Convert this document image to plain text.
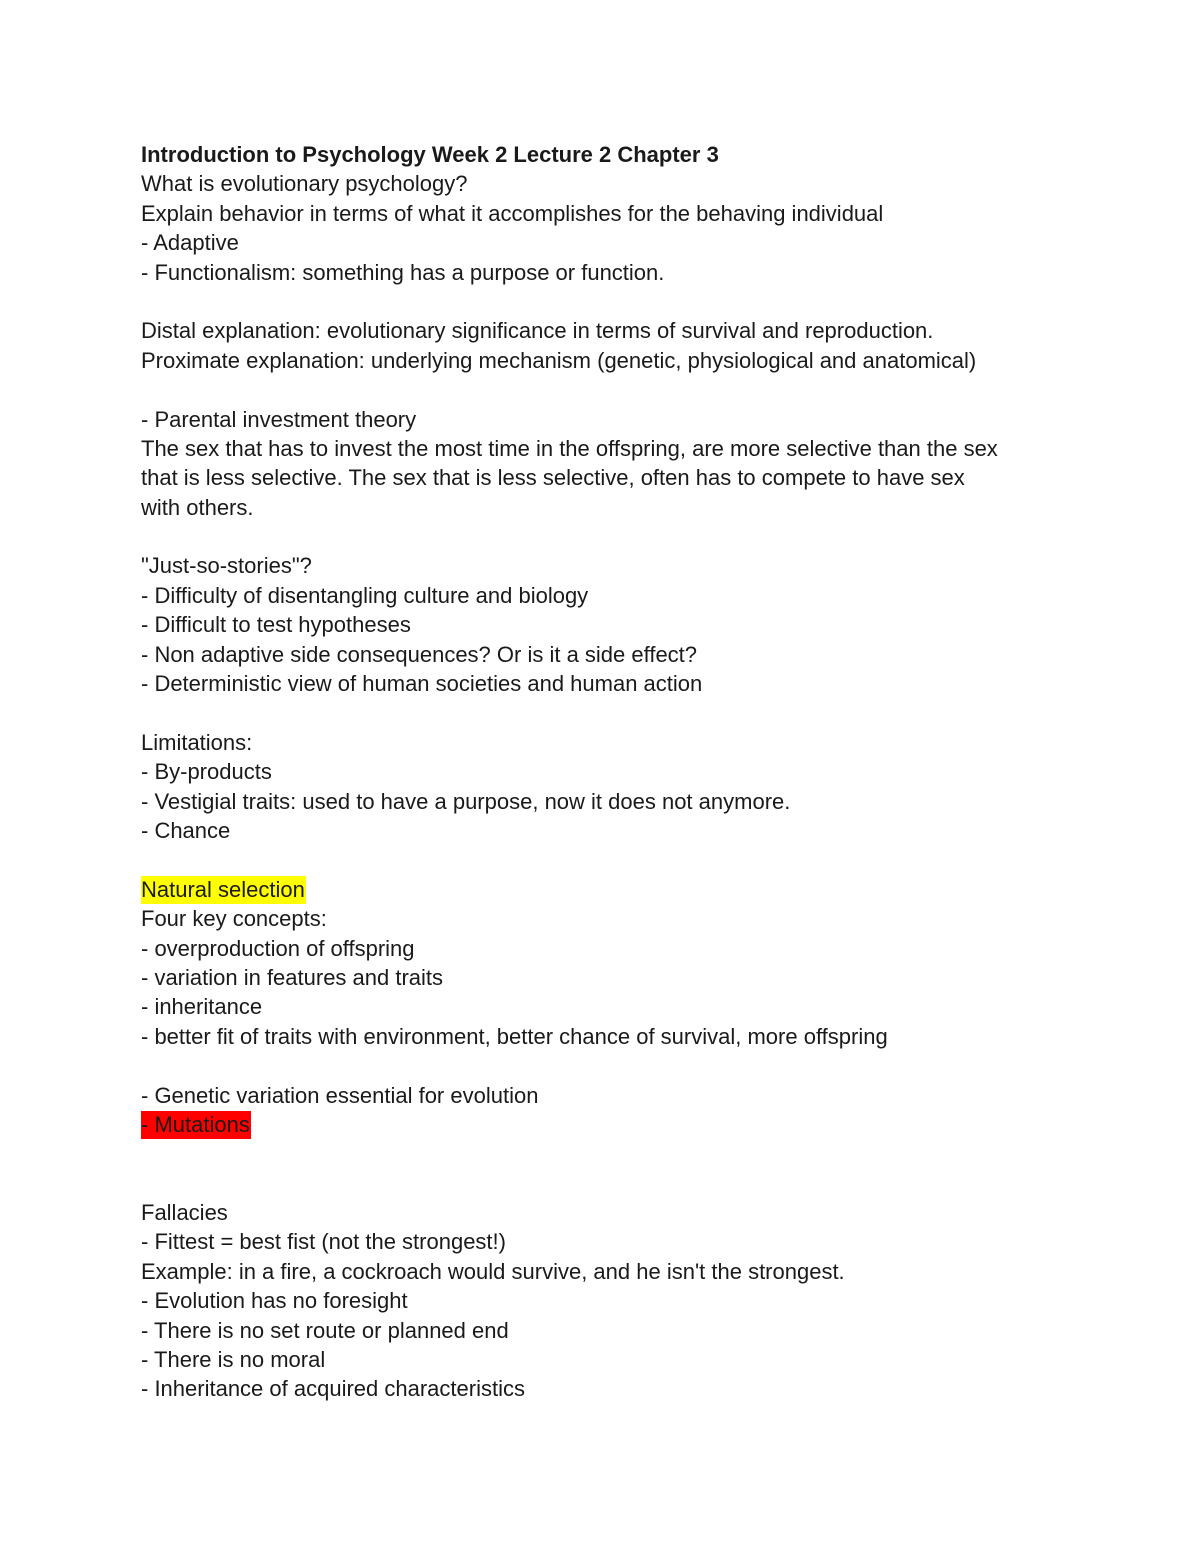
Introduction to Psychology Week 2 Lecture 2 Chapter 3
What is evolutionary psychology?
Explain behavior in terms of what it accomplishes for the behaving individual
- Adaptive
- Functionalism: something has a purpose or function.
Distal explanation: evolutionary significance in terms of survival and reproduction.
Proximate explanation: underlying mechanism (genetic, physiological and anatomical)
- Parental investment theory
The sex that has to invest the most time in the offspring, are more selective than the sex
that is less selective. The sex that is less selective, often has to compete to have sex
with others.
"Just-so-stories"?
- Difficulty of disentangling culture and biology
- Difficult to test hypotheses
- Non adaptive side consequences? Or is it a side effect?
- Deterministic view of human societies and human action
Limitations:
- By-products
- Vestigial traits: used to have a purpose, now it does not anymore.
- Chance
Natural selection
Four key concepts:
- overproduction of offspring
- variation in features and traits
- inheritance
- better fit of traits with environment, better chance of survival, more offspring
- Genetic variation essential for evolution
- Mutations
Fallacies
- Fittest = best fist (not the strongest!)
Example: in a fire, a cockroach would survive, and he isn't the strongest.
- Evolution has no foresight
- There is no set route or planned end
- There is no moral
- Inheritance of acquired characteristics
